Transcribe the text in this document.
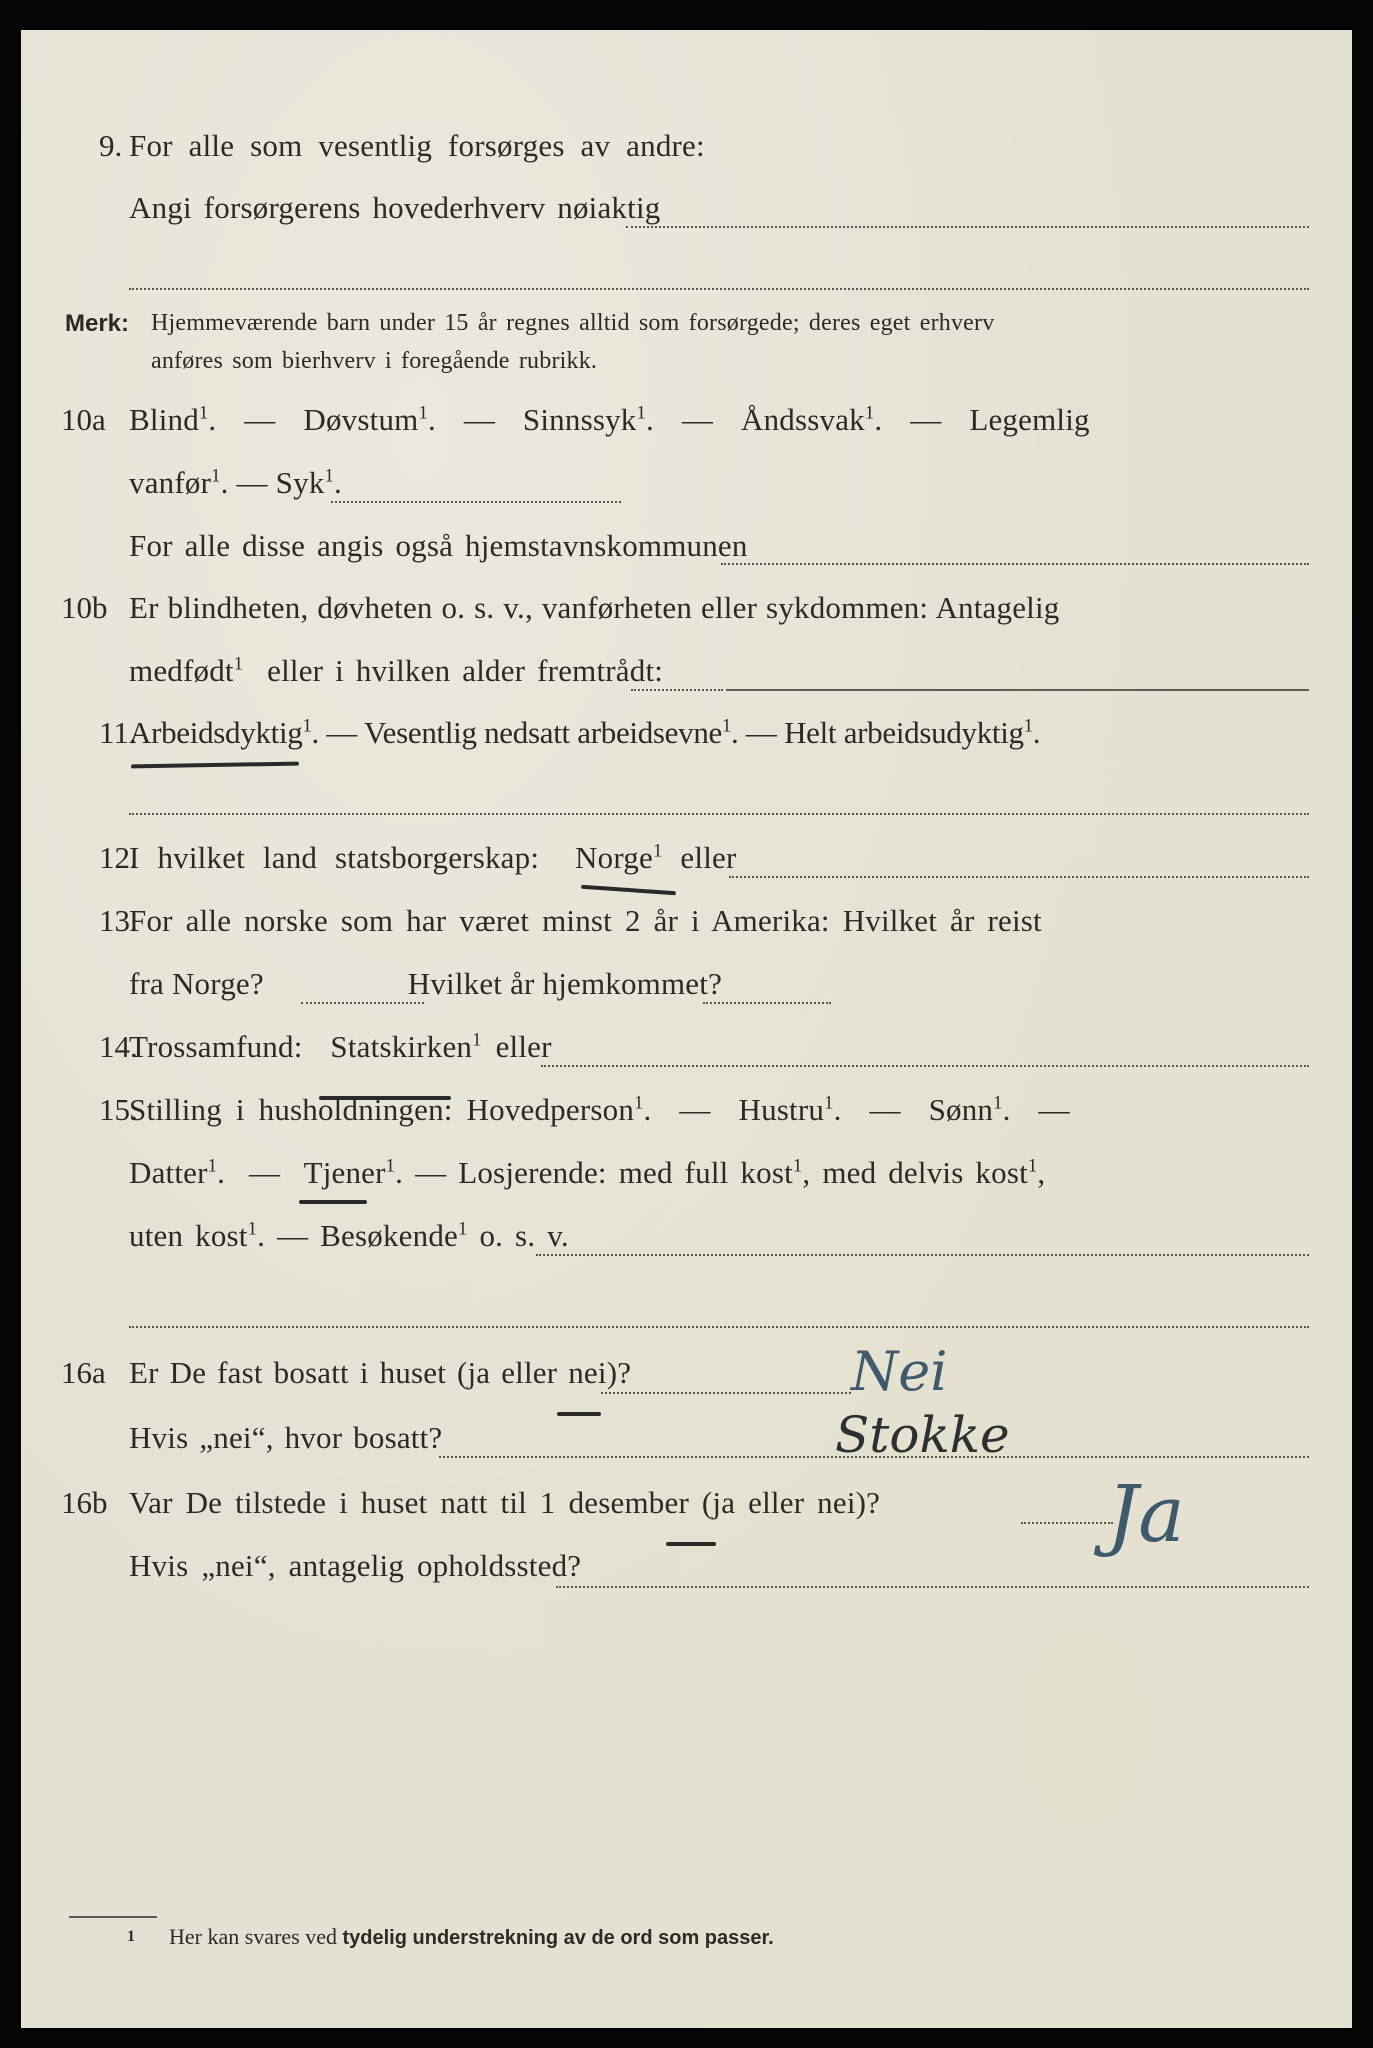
9. For alle som vesentlig forsørges av andre:
Angi forsørgerens hovederhverv nøiaktig
Merk: Hjemmeværende barn under 15 år regnes alltid som forsørgede; deres eget erhverv
anføres som bierhverv i foregående rubrikk.
10a Blind$^1$.  — Døvstum$^1$.  — Sinnssyk$^1$.  — Åndssvak$^1$.  — Legemlig
vanfør$^1$. — Syk$^1$.
For alle disse angis også hjemstavnskommunen
10b Er blindheten, døvheten o. s. v., vanførheten eller sykdommen: Antagelig
medfødt$^1$ eller i hvilken alder fremtrådt:
11.
Arbeidsdyktig$^1$. — Vesentlig nedsatt arbeidsevne$^1$. — Helt arbeidsudyktig$^1$.
12.
I hvilket land statsborgerskap: Norge$^1$ eller
13.
For alle norske som har været minst 2 år i Amerika: Hvilket år reist
fra Norge?	Hvilket år hjemkommet?
14.
Trossamfund: Statskirken$^1$ eller
15.
Stilling i husholdningen: Hovedperson$^1$.  — Hustru$^1$.  — Sønn$^1$.  —
Datter$^1$.  — Tjener$^1$. — Losjerende: med full kost$^1$, med delvis kost$^1$,
uten kost$^1$. — Besøkende$^1$ o. s. v.
16a Er De fast bosatt i huset (ja eller nei)?	Nei
Hvis „nei“, hvor bosatt?	Stokke
16b Var De tilstede i huset natt til 1 desember (ja eller nei)?	Ja
Hvis „nei“, antagelig opholdssted?
1 Her kan svares ved tydelig understrekning av de ord som passer.
